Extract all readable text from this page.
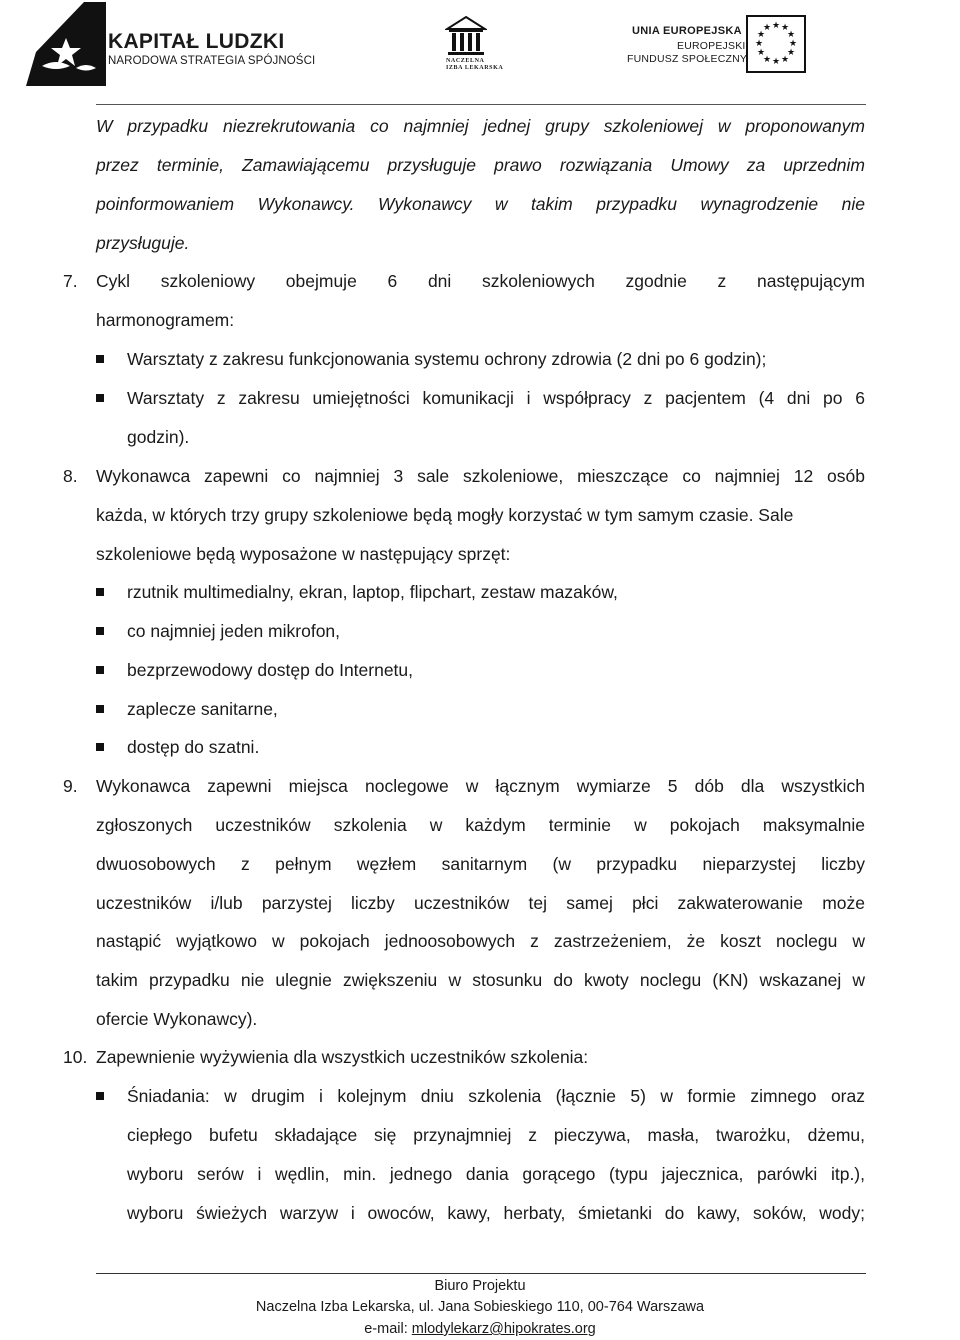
KAPITAŁ LUDZKI
NARODOWA STRATEGIA SPÓJNOŚCI	NACZELNA
IZBA LEKARSKA
UNIA EUROPEJSKA
EUROPEJSKI
FUNDUSZ SPOŁECZNY
★ ★
★
★
★
★
★
★
★
★
★
★
W przypadku niezrekrutowania co najmniej jednej grupy szkoleniowej w proponowanym
przez terminie, Zamawiającemu przysługuje prawo rozwiązania Umowy za uprzednim
poinformowaniem Wykonawcy. Wykonawcy w takim przypadku wynagrodzenie nie
przysługuje.
7. Cykl szkoleniowy obejmuje 6 dni szkoleniowych zgodnie z następującym
harmonogramem:
Warsztaty z zakresu funkcjonowania systemu ochrony zdrowia (2 dni po 6 godzin);
Warsztaty z zakresu umiejętności komunikacji i współpracy z pacjentem (4 dni po 6
godzin).
8. Wykonawca zapewni co najmniej 3 sale szkoleniowe, mieszczące co najmniej 12 osób
każda, w których trzy grupy szkoleniowe będą mogły korzystać w tym samym czasie. Sale
szkoleniowe będą wyposażone w następujący sprzęt:
rzutnik multimedialny, ekran, laptop, flipchart, zestaw mazaków,
co najmniej jeden mikrofon,
bezprzewodowy dostęp do Internetu,
zaplecze sanitarne,
dostęp do szatni.
9. Wykonawca zapewni miejsca noclegowe w łącznym wymiarze 5 dób dla wszystkich
zgłoszonych uczestników szkolenia w każdym terminie w pokojach maksymalnie
dwuosobowych z pełnym węzłem sanitarnym (w przypadku nieparzystej liczby
uczestników i/lub parzystej liczby uczestników tej samej płci zakwaterowanie może
nastąpić wyjątkowo w pokojach jednoosobowych z zastrzeżeniem, że koszt noclegu w
takim przypadku nie ulegnie zwiększeniu w stosunku do kwoty noclegu (KN) wskazanej w
ofercie Wykonawcy).
10. Zapewnienie wyżywienia dla wszystkich uczestników szkolenia:
Śniadania: w drugim i kolejnym dniu szkolenia (łącznie 5) w formie zimnego oraz
ciepłego bufetu składające się przynajmniej z pieczywa, masła, twarożku, dżemu,
wyboru serów i wędlin, min. jednego dania gorącego (typu jajecznica, parówki itp.),
wyboru świeżych warzyw i owoców, kawy, herbaty, śmietanki do kawy, soków, wody;
Biuro Projektu
Naczelna Izba Lekarska, ul. Jana Sobieskiego 110, 00-764 Warszawa
e-mail: mlodylekarz@hipokrates.org
